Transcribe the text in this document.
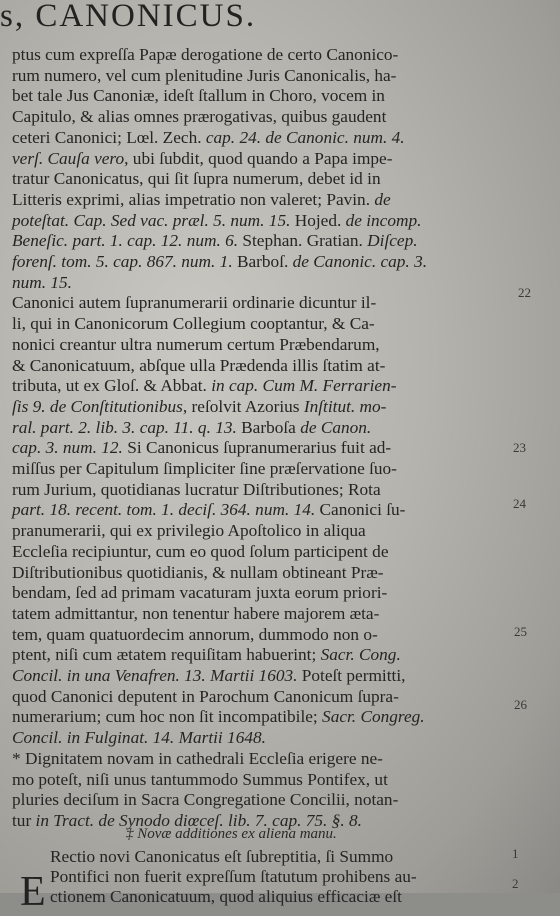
s, CANONICUS.
ptus cum expreſſa Papæ derogatione de certo Canonico-
rum numero, vel cum plenitudine Juris Canonicalis, ha-
bet tale Jus Canoniæ, ideſt ſtallum in Choro, vocem in
Capitulo, & alias omnes prærogativas, quibus gaudent
ceteri Canonici; Lœl. Zech. cap. 24. de Canonic. num. 4.
verſ. Cauſa vero, ubi ſubdit, quod quando a Papa impe-
tratur Canonicatus, qui ſit ſupra numerum, debet id in
Litteris exprimi, alias impetratio non valeret; Pavin. de
poteſtat. Cap. Sed vac. præl. 5. num. 15. Hojed. de incomp.
Beneſic. part. 1. cap. 12. num. 6. Stephan. Gratian. Diſcep.
forenſ. tom. 5. cap. 867. num. 1. Barboſ. de Canonic. cap. 3.
num. 15.
Canonici autem ſupranumerarii ordinarie dicuntur il-
li, qui in Canonicorum Collegium cooptantur, & Ca-
nonici creantur ultra numerum certum Præbendarum,
& Canonicatuum, abſque ulla Prædenda illis ſtatim at-
tributa, ut ex Gloſ. & Abbat. in cap. Cum M. Ferrarien-
ſis 9. de Conſtitutionibus, reſolvit Azorius Inſtitut. mo-
ral. part. 2. lib. 3. cap. 11. q. 13. Barboſa de Canon.
cap. 3. num. 12. Si Canonicus ſupranumerarius fuit ad-
miſſus per Capitulum ſimpliciter ſine præſervatione ſuo-
rum Jurium, quotidianas lucratur Diſtributiones; Rota
part. 18. recent. tom. 1. deciſ. 364. num. 14. Canonici ſu-
pranumerarii, qui ex privilegio Apoſtolico in aliqua
Eccleſia recipiuntur, cum eo quod ſolum participent de
Diſtributionibus quotidianis, & nullam obtineant Præ-
bendam, ſed ad primam vacaturam juxta eorum priori-
tatem admittantur, non tenentur habere majorem æta-
tem, quam quatuordecim annorum, dummodo non o-
ptent, niſi cum ætatem requiſitam habuerint; Sacr. Cong.
Concil. in una Venafren. 13. Martii 1603. Poteſt permitti,
quod Canonici deputent in Parochum Canonicum ſupra-
numerarium; cum hoc non ſit incompatibile; Sacr. Congreg.
Concil. in Fulginat. 14. Martii 1648.
* Dignitatem novam in cathedrali Eccleſia erigere ne-
mo poteſt, niſi unus tantummodo Summus Pontifex, ut
pluries deciſum in Sacra Congregatione Concilii, notan-
tur in Tract. de Synodo diœceſ. lib. 7. cap. 75. §. 8.
22
23
24
25
26
‡ Novæ additiones ex aliena manu.
E
Rectio novi Canonicatus eſt ſubreptitia, ſi Summo
Pontifici non fuerit expreſſum ſtatutum prohibens au-
ctionem Canonicatuum, quod aliquius efficaciæ eſt
1
2
